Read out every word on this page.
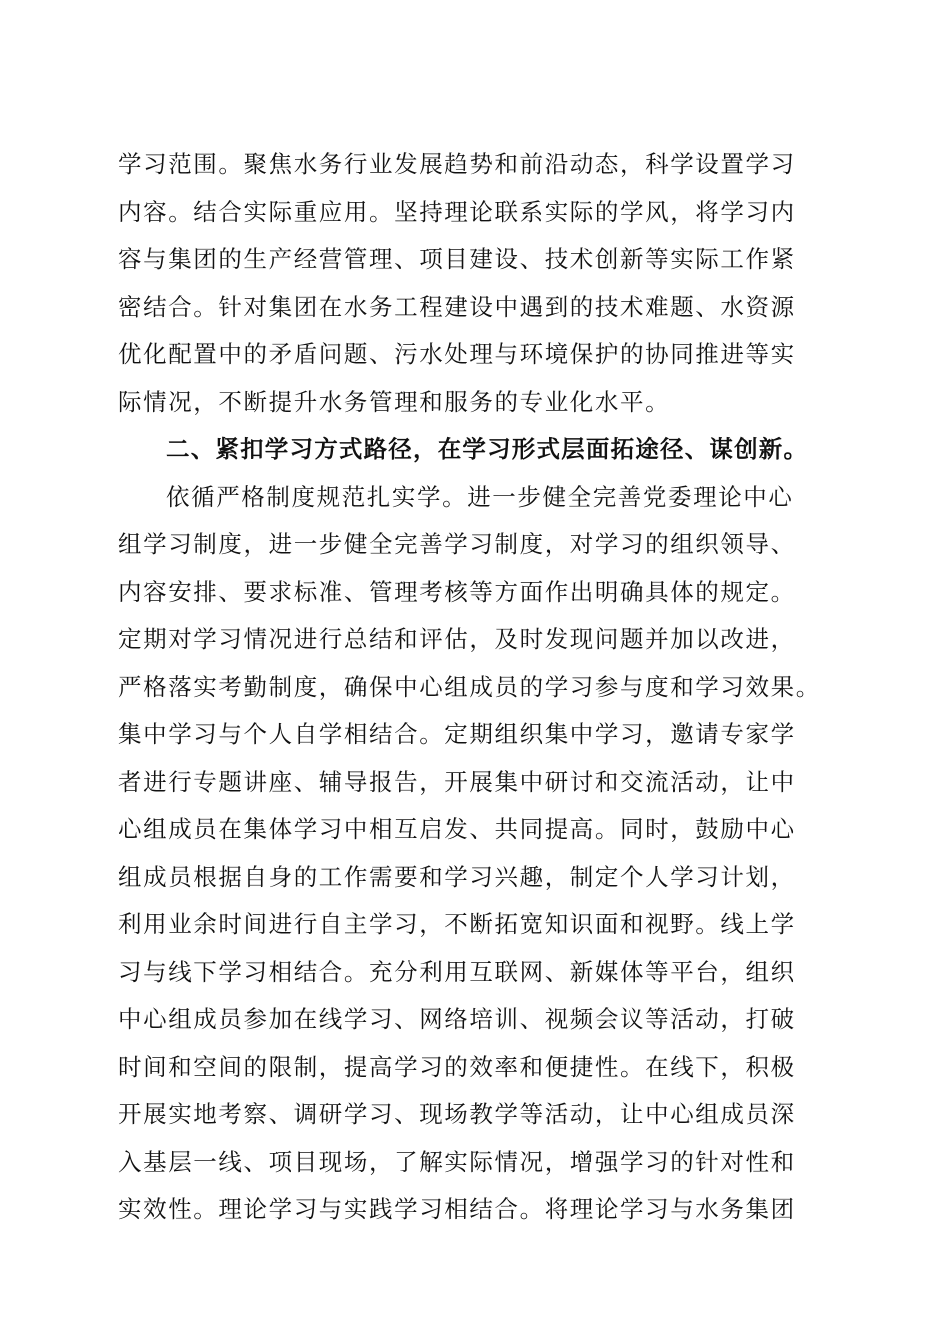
学习范围。聚焦水务行业发展趋势和前沿动态，科学设置学习
内容。结合实际重应用。坚持理论联系实际的学风，将学习内
容与集团的生产经营管理、项目建设、技术创新等实际工作紧
密结合。针对集团在水务工程建设中遇到的技术难题、水资源
优化配置中的矛盾问题、污水处理与环境保护的协同推进等实
际情况，不断提升水务管理和服务的专业化水平。
二、紧扣学习方式路径，在学习形式层面拓途径、谋创新。
依循严格制度规范扎实学。进一步健全完善党委理论中心
组学习制度，进一步健全完善学习制度，对学习的组织领导、
内容安排、要求标准、管理考核等方面作出明确具体的规定。
定期对学习情况进行总结和评估，及时发现问题并加以改进，
严格落实考勤制度，确保中心组成员的学习参与度和学习效果。
集中学习与个人自学相结合。定期组织集中学习，邀请专家学
者进行专题讲座、辅导报告，开展集中研讨和交流活动，让中
心组成员在集体学习中相互启发、共同提高。同时，鼓励中心
组成员根据自身的工作需要和学习兴趣，制定个人学习计划，
利用业余时间进行自主学习，不断拓宽知识面和视野。线上学
习与线下学习相结合。充分利用互联网、新媒体等平台，组织
中心组成员参加在线学习、网络培训、视频会议等活动，打破
时间和空间的限制，提高学习的效率和便捷性。在线下，积极
开展实地考察、调研学习、现场教学等活动，让中心组成员深
入基层一线、项目现场，了解实际情况，增强学习的针对性和
实效性。理论学习与实践学习相结合。将理论学习与水务集团
